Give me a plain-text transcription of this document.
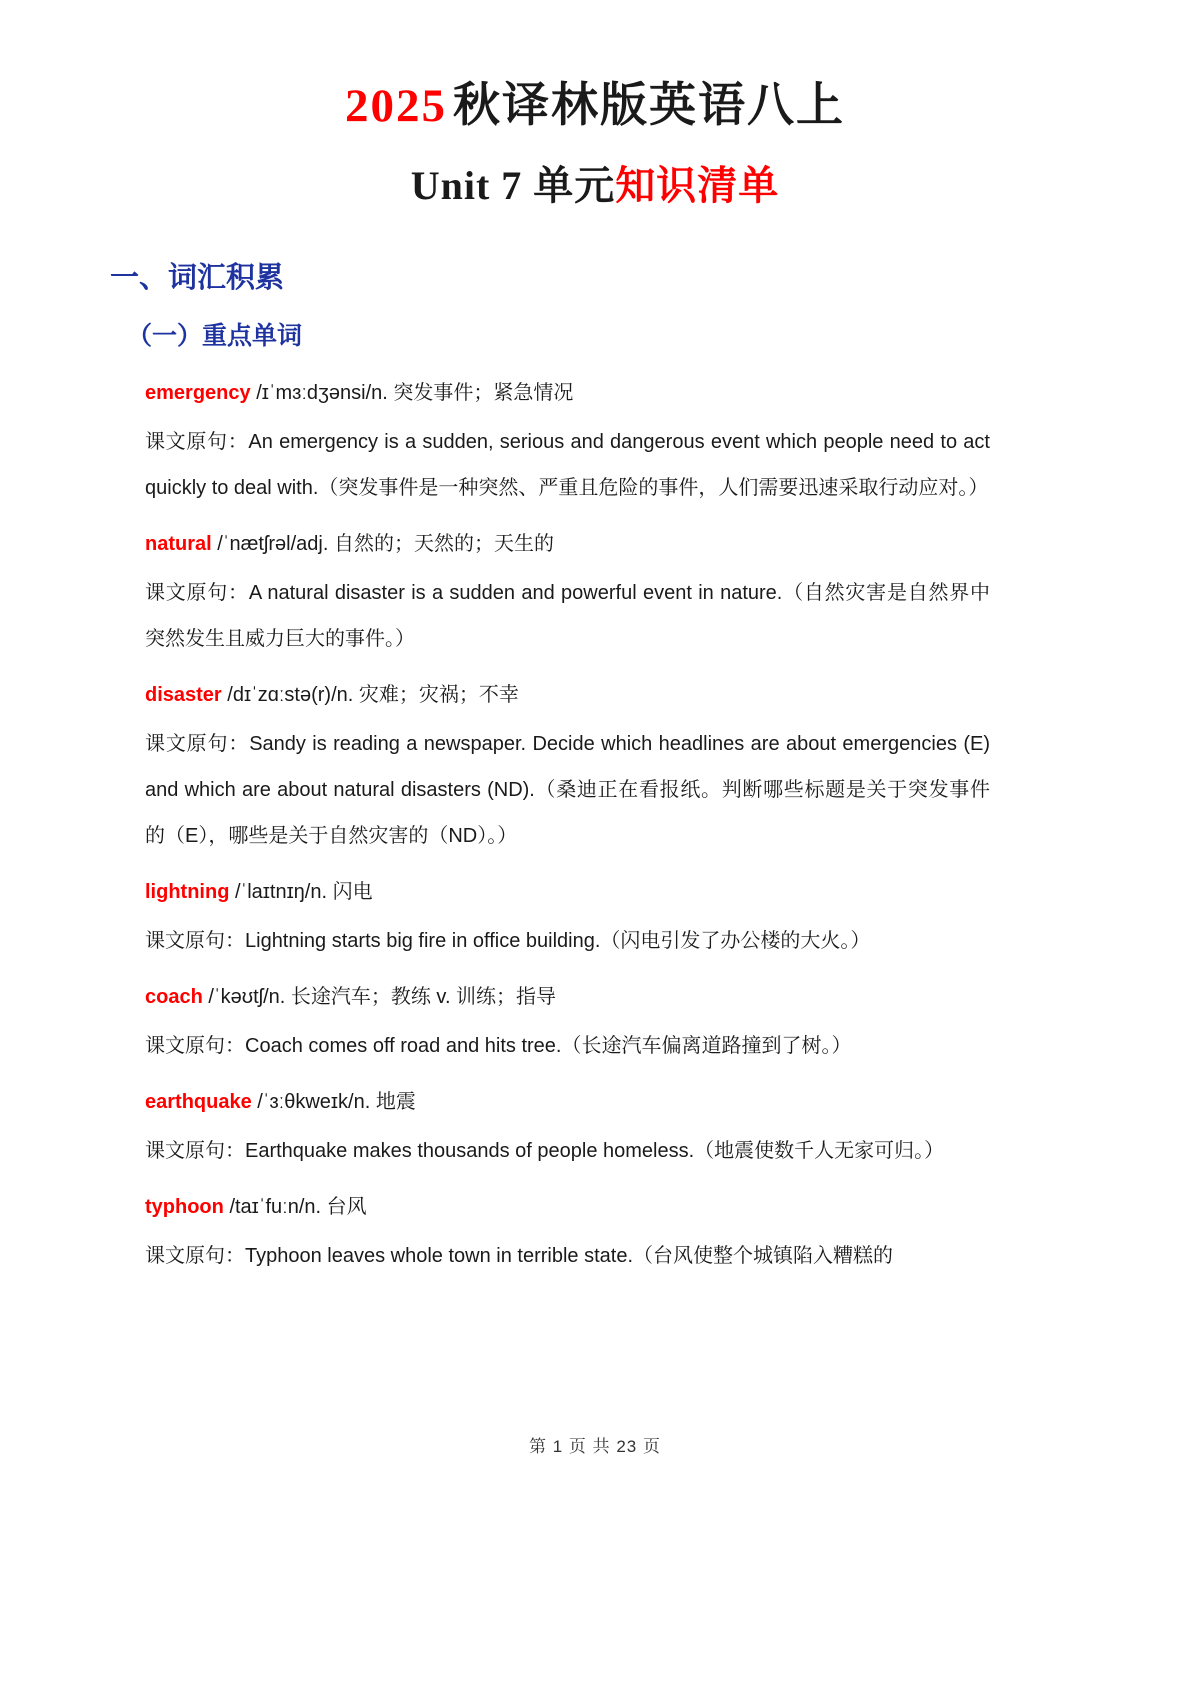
2025 秋译林版英语八上
Unit 7 单元知识清单
一、词汇积累
（一）重点单词

emergency /ɪˈmɜːdʒənsi/n. 突发事件；紧急情况

课文原句：An emergency is a sudden, serious and dangerous event which people need to act quickly to deal with.（突发事件是一种突然、严重且危险的事件，人们需要迅速采取行动应对。）

natural /ˈnætʃrəl/adj. 自然的；天然的；天生的

课文原句：A natural disaster is a sudden and powerful event in nature.（自然灾害是自然界中突然发生且威力巨大的事件。）

disaster /dɪˈzɑːstə(r)/n. 灾难；灾祸；不幸

课文原句：Sandy is reading a newspaper. Decide which headlines are about emergencies (E) and which are about natural disasters (ND).（桑迪正在看报纸。判断哪些标题是关于突发事件的（E），哪些是关于自然灾害的（ND）。）

lightning /ˈlaɪtnɪŋ/n. 闪电

课文原句：Lightning starts big fire in office building.（闪电引发了办公楼的大火。）

coach /ˈkəʊtʃ/n. 长途汽车；教练 v. 训练；指导

课文原句：Coach comes off road and hits tree.（长途汽车偏离道路撞到了树。）

earthquake /ˈɜːθkweɪk/n. 地震

课文原句：Earthquake makes thousands of people homeless.（地震使数千人无家可归。）

typhoon /taɪˈfuːn/n. 台风

课文原句：Typhoon leaves whole town in terrible state.（台风使整个城镇陷入糟糕的

第 1 页 共 23 页
